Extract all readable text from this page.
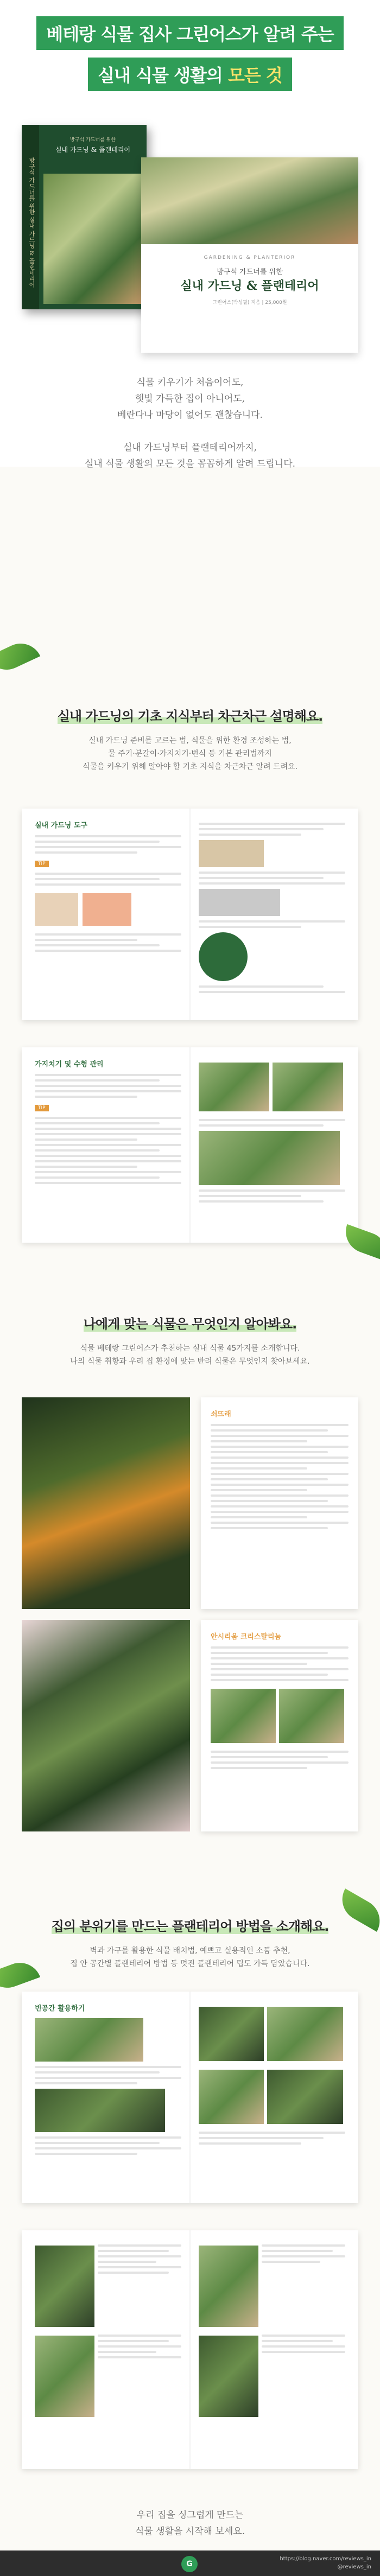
베테랑 식물 집사 그린어스가 알려 주는
실내 식물 생활의 모든 것
방구석 가드너를 위한 실내 가드닝 & 플랜테리어
방구석 가드너를 위한
실내 가드닝 & 플랜테리어
GARDENING & PLANTERIOR
방구석 가드너를 위한
실내 가드닝 & 플랜테리어
그린어스(박성필) 지음 | 25,000원

식물 키우기가 처음이어도,

햇빛 가득한 집이 아니어도,

베란다나 마당이 없어도 괜찮습니다.

실내 가드닝부터 플랜테리어까지,

실내 식물 생활의 모든 것을 꼼꼼하게 알려 드립니다.

실내 가드닝의 기초 지식부터 차근차근 설명해요.
실내 가드닝 준비를 고르는 법, 식물을 위한 환경 조성하는 법,
물 주기·분갈이·가지치기·번식 등 기본 관리법까지
식물을 키우기 위해 알아야 할 기초 지식을 차근차근 알려 드려요.
실내 가드닝 도구
TIP
가지치기 및 수형 관리
TIP
나에게 맞는 식물은 무엇인지 알아봐요.
식물 베테랑 그린어스가 추천하는 실내 식물 45가지를 소개합니다.
나의 식물 취향과 우리 집 환경에 맞는 반려 식물은 무엇인지 찾아보세요.
쇠뜨래
안시리움 크리스탈리눔
집의 분위기를 만드는 플랜테리어 방법을 소개해요.
벽과 가구를 활용한 식물 배치법, 예쁘고 실용적인 소품 추천,
집 안 공간별 플랜테리어 방법 등 멋진 플랜테리어 팁도 가득 담았습니다.
빈공간 활용하기

우리 집을 싱그럽게 만드는

식물 생활을 시작해 보세요.

G
https://blog.naver.com/reviews_in
@reviews_in
